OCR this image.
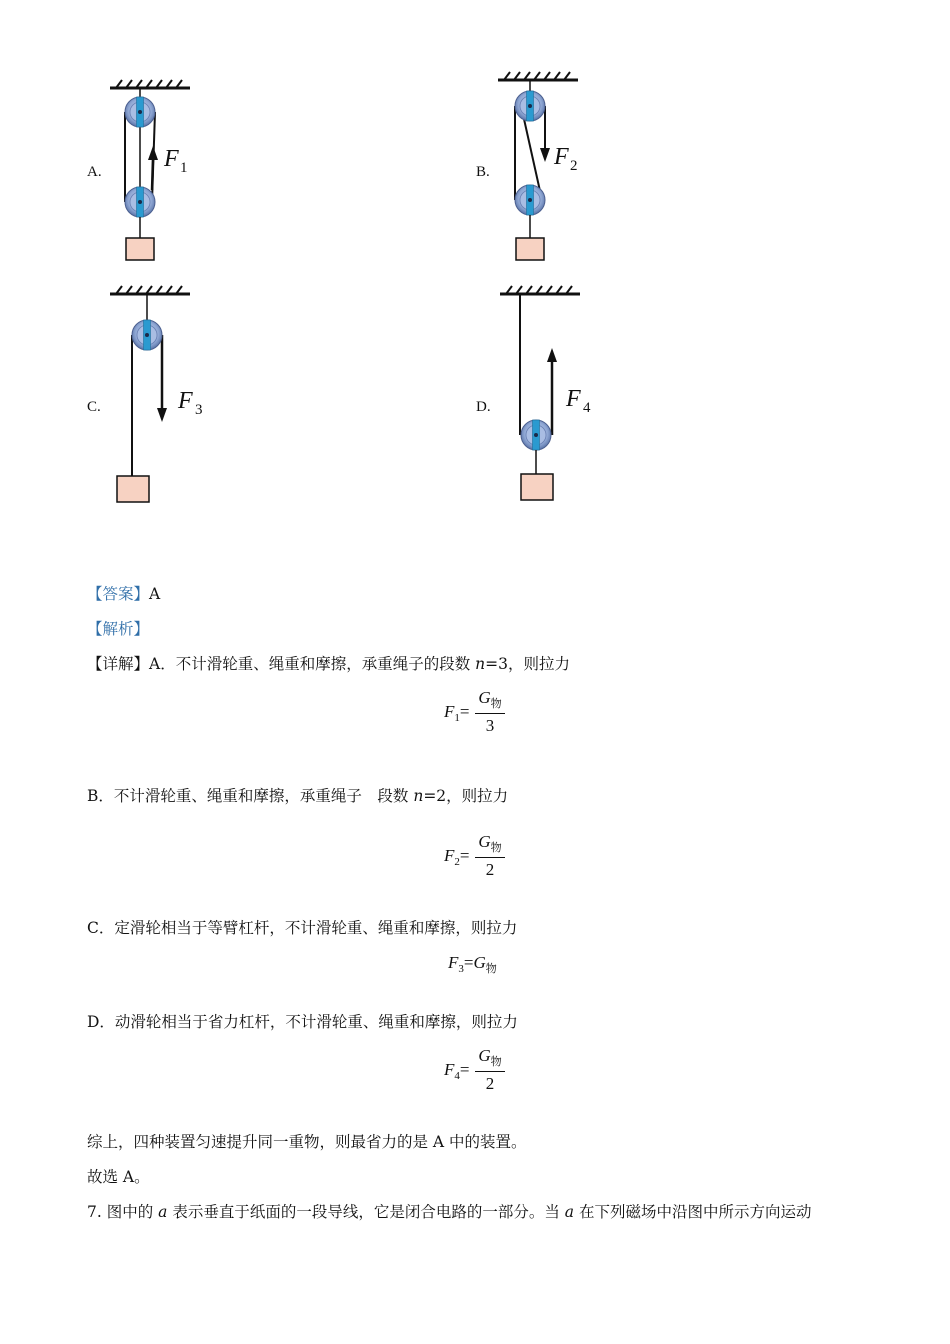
A.	F 1	B.
F 2
C.	F 3	D.	F 4
【答案】A
【解析】
【详解】A．不计滑轮重、绳重和摩擦，承重绳子的段数 n=3，则拉力
$F_1=$
$G_物$
3
B．不计滑轮重、绳重和摩擦，承重绳子　段数 n=2，则拉力
$F_2=$
$G_物$
2
C．定滑轮相当于等臂杠杆，不计滑轮重、绳重和摩擦，则拉力
$F_3=G_物$
D．动滑轮相当于省力杠杆，不计滑轮重、绳重和摩擦，则拉力
$F_4=$
$G_物$
2
综上，四种装置匀速提升同一重物，则最省力的是 A 中的装置。
故选 A。
7. 图中的 a 表示垂直于纸面的一段导线，它是闭合电路的一部分。当 a 在下列磁场中沿图中所示方向运动
